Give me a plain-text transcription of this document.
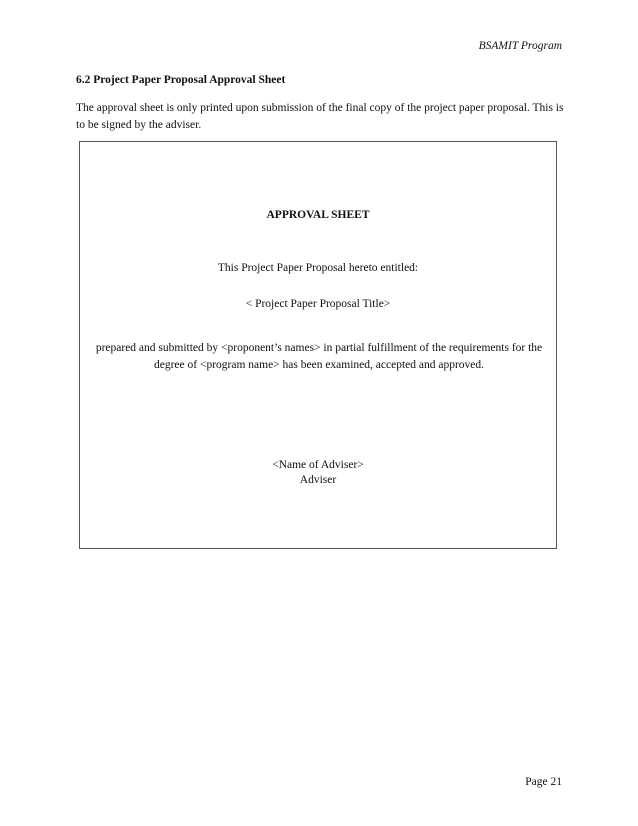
BSAMIT Program
6.2 Project Paper Proposal Approval Sheet
The approval sheet is only printed upon submission of the final copy of the project paper proposal. This is to be signed by the adviser.
APPROVAL SHEET
This Project Paper Proposal hereto entitled:
< Project Paper Proposal Title>
prepared and submitted by <proponent’s names> in partial fulfillment of the requirements for the degree of <program name> has been examined, accepted and approved.
<Name of Adviser>
Adviser
Page 21
